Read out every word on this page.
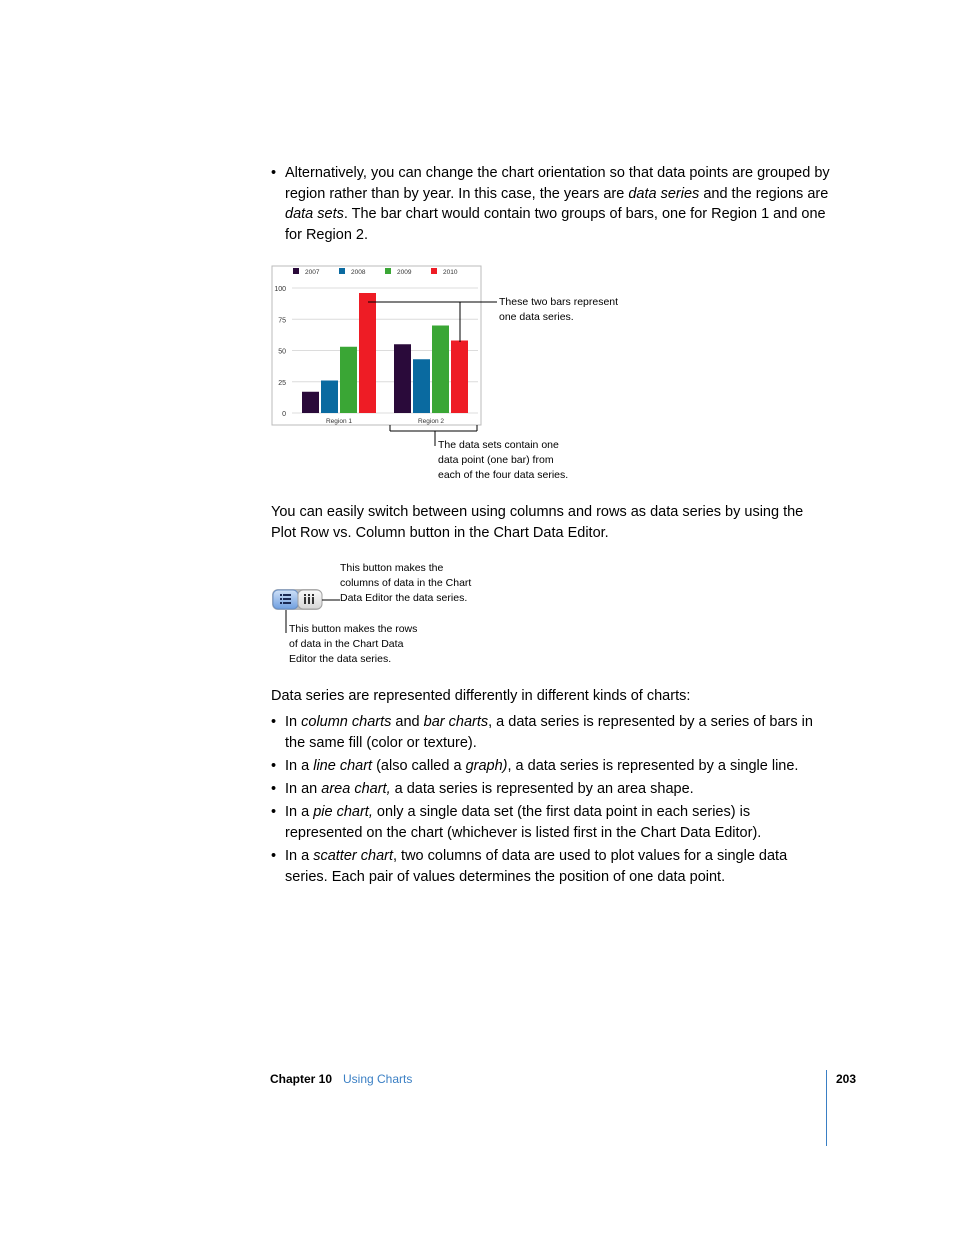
• Alternatively, you can change the chart orientation so that data points are grouped by region rather than by year. In this case, the years are data series and the regions are data sets. The bar chart would contain two groups of bars, one for Region 1 and one for Region 2.
0
25
50
75
100
2007	2008	2009	2010
Region 1	Region 2
These two bars represent
one data series.
The data sets contain one
data point (one bar) from
each of the four data series.
You can easily switch between using columns and rows as data series by using the Plot Row vs. Column button in the Chart Data Editor.
This button makes the
columns of data in the Chart
Data Editor the data series.
This button makes the rows
of data in the Chart Data
Editor the data series.
Data series are represented differently in different kinds of charts:
• In column charts and bar charts, a data series is represented by a series of bars in the same fill (color or texture).
• In a line chart (also called a graph), a data series is represented by a single line.
• In an area chart, a data series is represented by an area shape.
• In a pie chart, only a single data set (the first data point in each series) is represented on the chart (whichever is listed first in the Chart Data Editor).
• In a scatter chart, two columns of data are used to plot values for a single data series. Each pair of values determines the position of one data point.
Chapter 10 Using Charts	203
